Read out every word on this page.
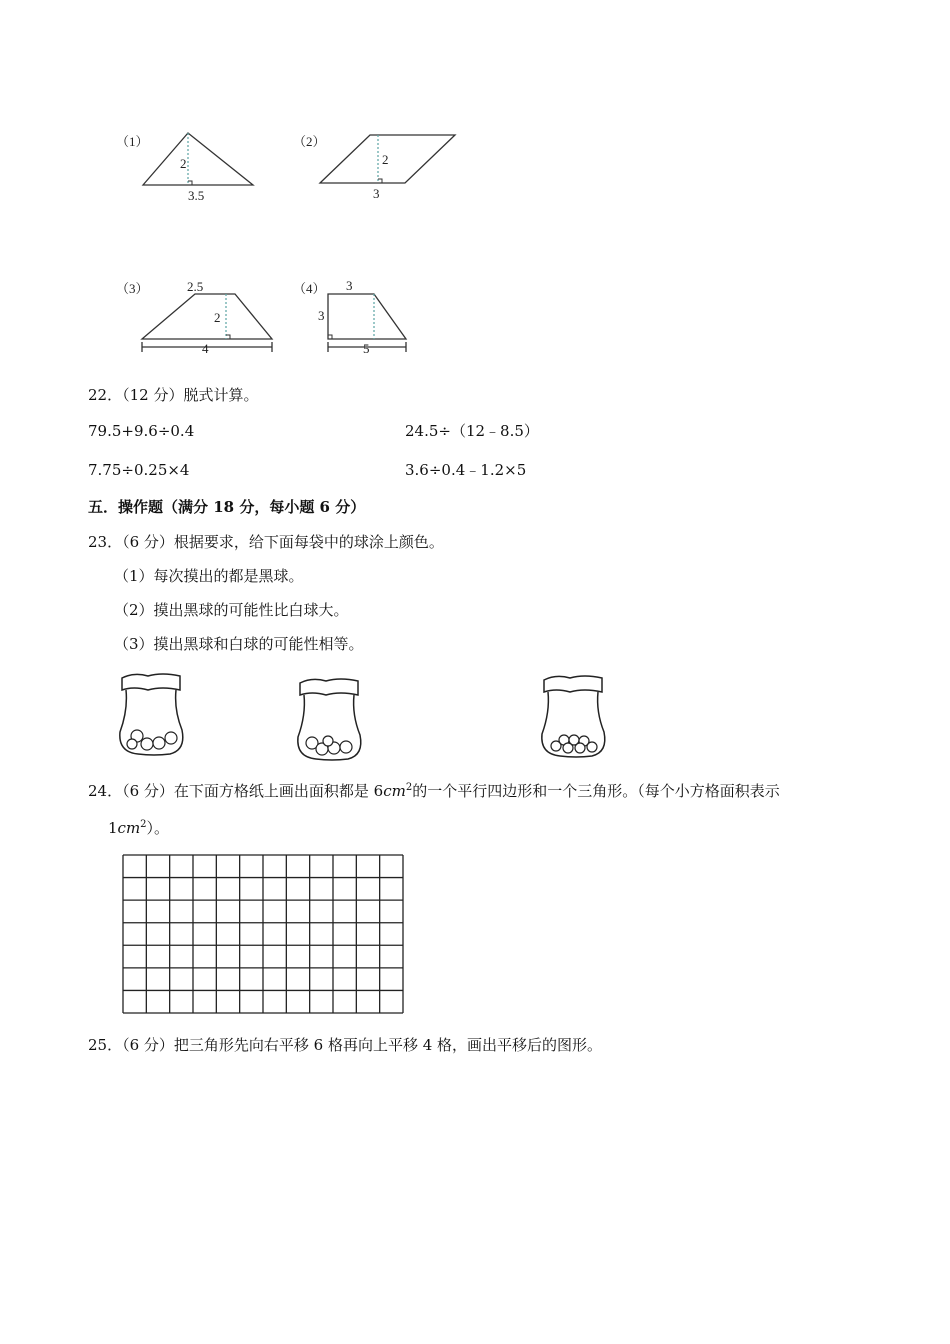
（1）
2
3.5
（2）
2
3
（3）	2.5
2
4
（4） 3
3
5
22．（12 分）脱式计算。
79.5+9.6÷0.4	24.5÷（12﹣8.5）
7.75÷0.25×4	3.6÷0.4﹣1.2×5
五．操作题（满分 18 分，每小题 6 分）
23．（6 分）根据要求，给下面每袋中的球涂上颜色。
（1）每次摸出的都是黑球。
（2）摸出黑球的可能性比白球大。
（3）摸出黑球和白球的可能性相等。
24．（6 分）在下面方格纸上画出面积都是 $6cm^2$的一个平行四边形和一个三角形。（每个小方格面积表示
$1cm^2$）。
25．（6 分）把三角形先向右平移 6 格再向上平移 4 格，画出平移后的图形。
